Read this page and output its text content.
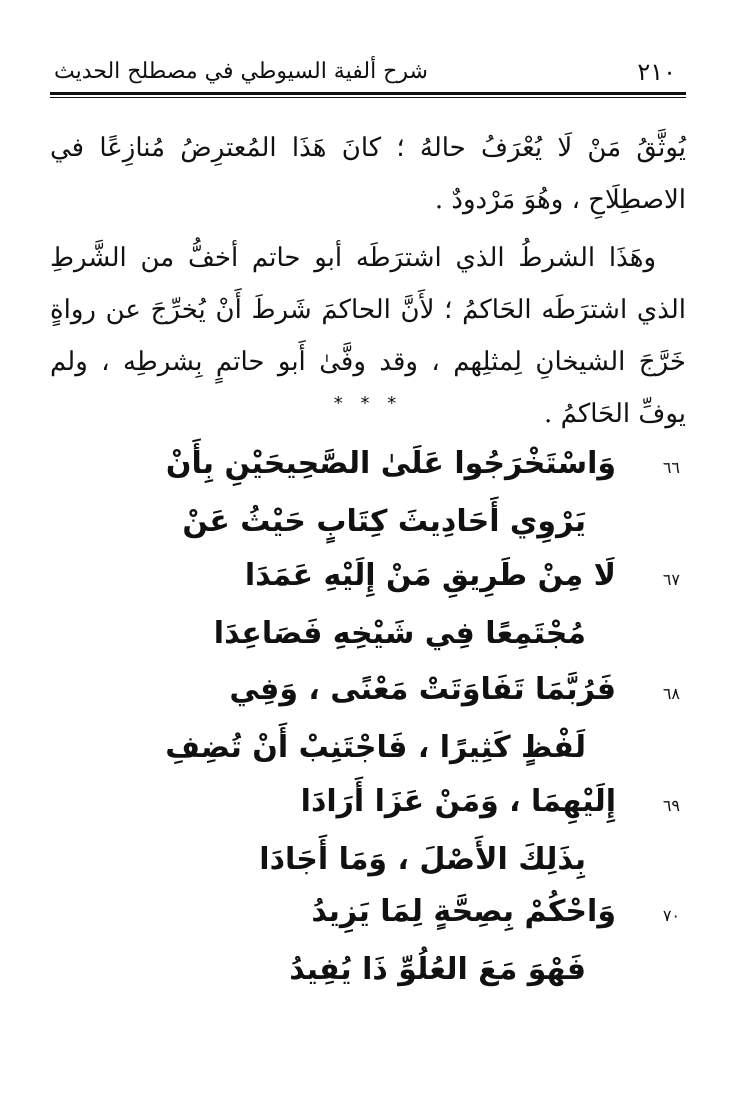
٢١٠
شرح ألفية السيوطي في مصطلح الحديث

يُوثَّقُ مَنْ لَا يُعْرَفُ حالهُ ؛ كانَ هَذَا المُعترِضُ مُنازِعًا في الاصطِلَاحِ ، وهُوَ مَرْدودٌ .

وهَذَا الشرطُ الذي اشترَطَه أبو حاتم أخفُّ من الشَّرطِ الذي اشترَطَه الحَاكمُ ؛ لأَنَّ الحاكمَ شَرطَ أَنْ يُخرِّجَ عن رواةٍ خَرَّجَ الشيخانِ لِمثلِهم ، وقد وفَّىٰ أَبو حاتمٍ بِشرطِه ، ولم يوفِّ الحَاكمُ .

* * *
٦٦
وَاسْتَخْرَجُوا عَلَىٰ الصَّحِيحَيْنِ بِأَنْ
يَرْوِي أَحَادِيثَ كِتَابٍ حَيْثُ عَنْ
٦٧
لَا مِنْ طَرِيقِ مَنْ إِلَيْهِ عَمَدَا
مُجْتَمِعًا فِي شَيْخِهِ فَصَاعِدَا
٦٨
فَرُبَّمَا تَفَاوَتَتْ مَعْنًى ، وَفِي
لَفْظٍ كَثِيرًا ، فَاجْتَنِبْ أَنْ تُضِفِ
٦٩
إِلَيْهِمَا ، وَمَنْ عَزَا أَرَادَا
بِذَلِكَ الأَصْلَ ، وَمَا أَجَادَا
٧٠
وَاحْكُمْ بِصِحَّةٍ لِمَا يَزِيدُ
فَهْوَ مَعَ العُلُوِّ ذَا يُفِيدُ
